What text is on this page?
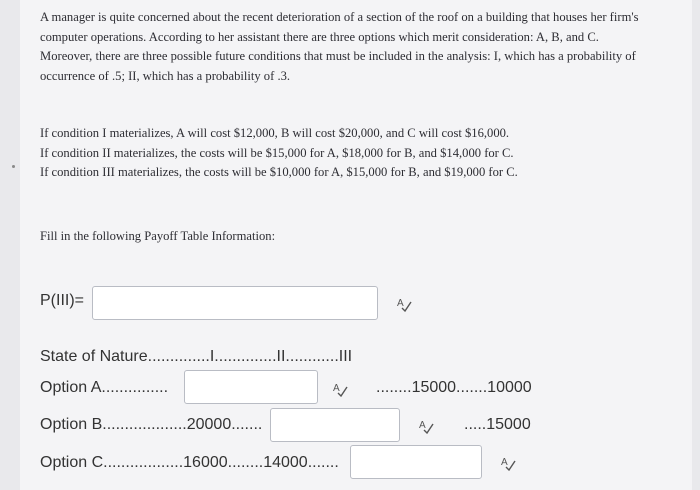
A manager is quite concerned about the recent deterioration of a section of the roof on a building that houses her firm's
computer operations. According to her assistant there are three options which merit consideration: A, B, and C.
Moreover, there are three possible future conditions that must be included in the analysis: I, which has a probability of
occurrence of .5; II, which has a probability of .3.
If condition I materializes, A will cost $12,000, B will cost $20,000, and C will cost $16,000.
If condition II materializes, the costs will be $15,000 for A, $18,000 for B, and $14,000 for C.
If condition III materializes, the costs will be $10,000 for A, $15,000 for B, and $19,000 for C.
Fill in the following Payoff Table Information:
P(III)=	A
State of Nature..............I..............II............III
Option A...............	A ........15000.......10000
Option B...................20000.......	A .....15000
Option C..................16000........14000.......	A
